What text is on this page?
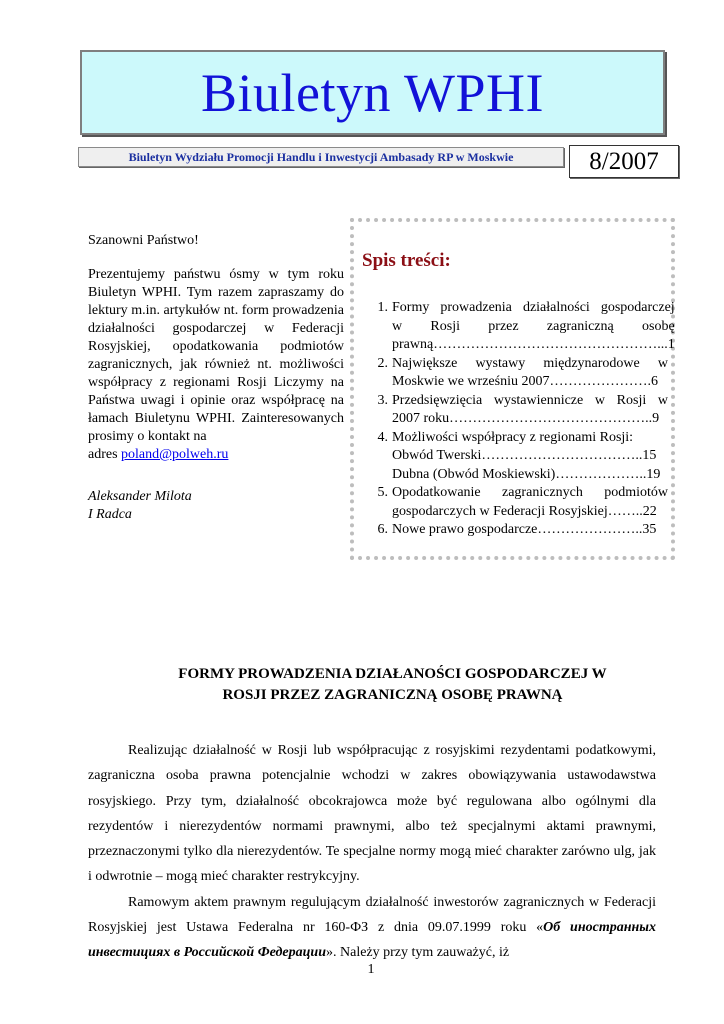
Biuletyn WPHI
Biuletyn Wydziału Promocji Handlu i Inwestycji Ambasady RP w Moskwie	8/2007

Szanowni Państwo!

Prezentujemy państwu ósmy w tym roku Biuletyn WPHI. Tym razem zapraszamy do lektury m.in. artykułów nt. form prowadzenia działalności gospodarczej w Federacji Rosyjskiej, opodatkowania podmiotów zagranicznych, jak również nt. możliwości współpracy z regionami Rosji Liczymy na Państwa uwagi i opinie oraz współpracę na łamach Biuletynu WPHI. Zainteresowanych prosimy o kontakt na
adres poland@polweh.ru

Aleksander Milota
I Radca

Spis treści:
1. Formy prowadzenia działalności gospodarczej
w Rosji przez zagraniczną osobę
prawną…………………………………………...1
2. Największe wystawy międzynarodowe w
Moskwie we wrześniu 2007………………….6
3. Przedsięwzięcia wystawiennicze w Rosji w
2007 roku……………………………………..9
4. Możliwości współpracy z regionami Rosji:
Obwód Twerski……………………………..15
Dubna (Obwód Moskiewski)………………..19
5. Opodatkowanie zagranicznych podmiotów
gospodarczych w Federacji Rosyjskiej……..22
6. Nowe prawo gospodarcze…………………..35
FORMY PROWADZENIA DZIAŁANOŚCI GOSPODARCZEJ W
ROSJI PRZEZ ZAGRANICZNĄ OSOBĘ PRAWNĄ

Realizując działalność w Rosji lub współpracując z rosyjskimi rezydentami podatkowymi, zagraniczna osoba prawna potencjalnie wchodzi w zakres obowiązywania ustawodawstwa rosyjskiego. Przy tym, działalność obcokrajowca może być regulowana albo ogólnymi dla rezydentów i nierezydentów normami prawnymi, albo też specjalnymi aktami prawnymi, przeznaczonymi tylko dla nierezydentów. Te specjalne normy mogą mieć charakter zarówno ulg, jak i odwrotnie – mogą mieć charakter restrykcyjny.

Ramowym aktem prawnym regulującym działalność inwestorów zagranicznych w Federacji Rosyjskiej jest Ustawa Federalna nr 160-ФЗ z dnia 09.07.1999 roku «Об иностранных инвестициях в Российской Федерации». Należy przy tym zauważyć, iż

1
